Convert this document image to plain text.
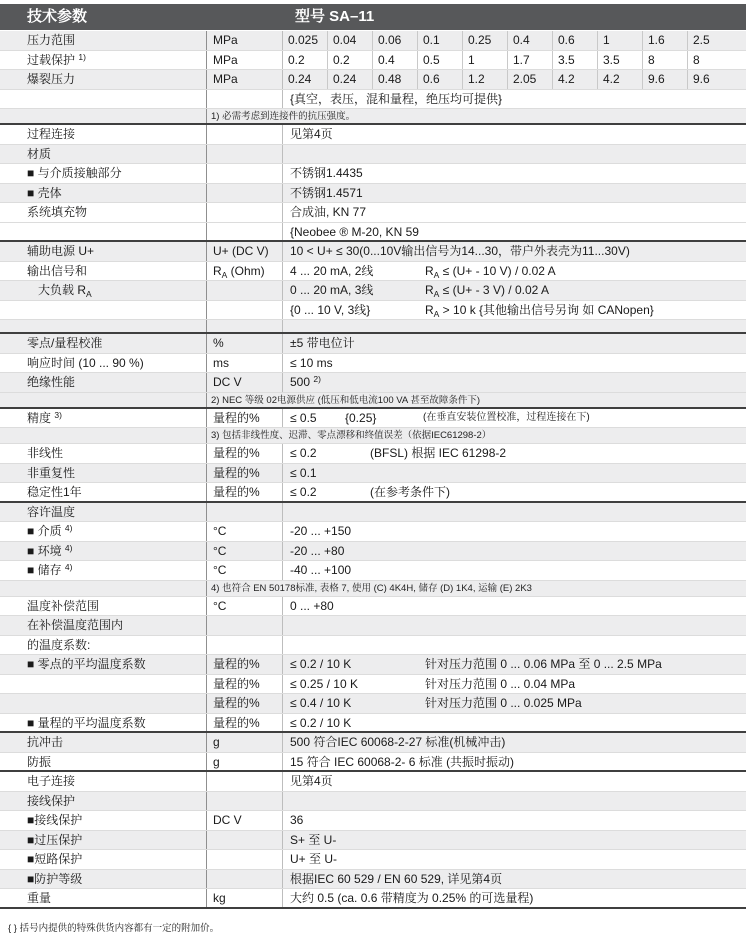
技术参数	型号 SA–11
压力范围	MPa	0.025	0.04	0.06	0.1	0.25	0.4	0.6	1	1.6	2.5
过载保护 $^{1)}$	MPa	0.2	0.2	0.4	0.5	1	1.7	3.5	3.5	8	8
爆裂压力	MPa	0.24	0.24	0.48	0.6	1.2	2.05	4.2	4.2	9.6	9.6
{真空，表压，混和量程，绝压均可提供}
1) 必需考虑到连接件的抗压强度。
过程连接	见第4页
材质
■ 与介质接触部分	不锈钢1.4435
■ 壳体	不锈钢1.4571
系统填充物	合成油, KN 77
{Neobee ® M-20, KN 59
辅助电源 U+	U+ (DC V)	10 < U+ ≤ 30(0...10V输出信号为14...30，带户外表壳为11...30V)
输出信号和	$R_A$ (Ohm)	4 ... 20 mA, 2线	$R_A \le (U+ - 10$ V) / 0.02 A
大负载 $R_A$	0 ... 20 mA, 3线	$R_A \le (U+ - 3$ V) / 0.02 A
{0 ... 10 V, 3线}	$R_A > 10$ k {其他输出信号另询 如 CANopen}
零点/量程校准	%	±5 带电位计
响应时间 (10 ... 90 %)	ms	≤ 10 ms
绝缘性能	DC V	500 $^{2)}$
2) NEC 等级 02电源供应 (低压和低电流100 VA 甚至故障条件下)
精度 $^{3)}$	量程的%	≤ 0.5 {0.25}	(在垂直安装位置校准，过程连接在下)
3) 包括非线性度、迟滞、零点漂移和终值误差（依据IEC61298-2）
非线性	量程的%	≤ 0.2	(BFSL) 根据 IEC 61298-2
非重复性	量程的%	≤ 0.1
稳定性1年	量程的%	≤ 0.2	(在参考条件下)
容许温度
■ 介质 $^{4)}$	°C	-20 ... +150
■ 环境 $^{4)}$	°C	-20 ... +80
■ 储存 $^{4)}$	°C	-40 ... +100
4) 也符合 EN 50178标准, 表格 7, 使用 (C) 4K4H, 储存 (D) 1K4, 运输 (E) 2K3
温度补偿范围	°C	0 ... +80
在补偿温度范围内
的温度系数:
■ 零点的平均温度系数	量程的%	≤ 0.2 / 10 K	针对压力范围 0 ... 0.06 MPa 至 0 ... 2.5 MPa
量程的%	≤ 0.25 / 10 K	针对压力范围 0 ... 0.04 MPa
量程的%	≤ 0.4 / 10 K	针对压力范围 0 ... 0.025 MPa
■ 量程的平均温度系数	量程的%	≤ 0.2 / 10 K
抗冲击	g	500 符合IEC 60068-2-27 标准(机械冲击)
防振	g	15 符合 IEC 60068-2- 6 标准 (共振时振动)
电子连接	见第4页
接线保护
■接线保护	DC V	36
■过压保护	S+ 至 U-
■短路保护	U+ 至 U-
■防护等级	根据IEC 60 529 / EN 60 529, 详见第4页
重量	kg	大约 0.5 (ca. 0.6 带精度为 0.25% 的可选量程)
{ } 括号内提供的特殊供货内容都有一定的附加价。
